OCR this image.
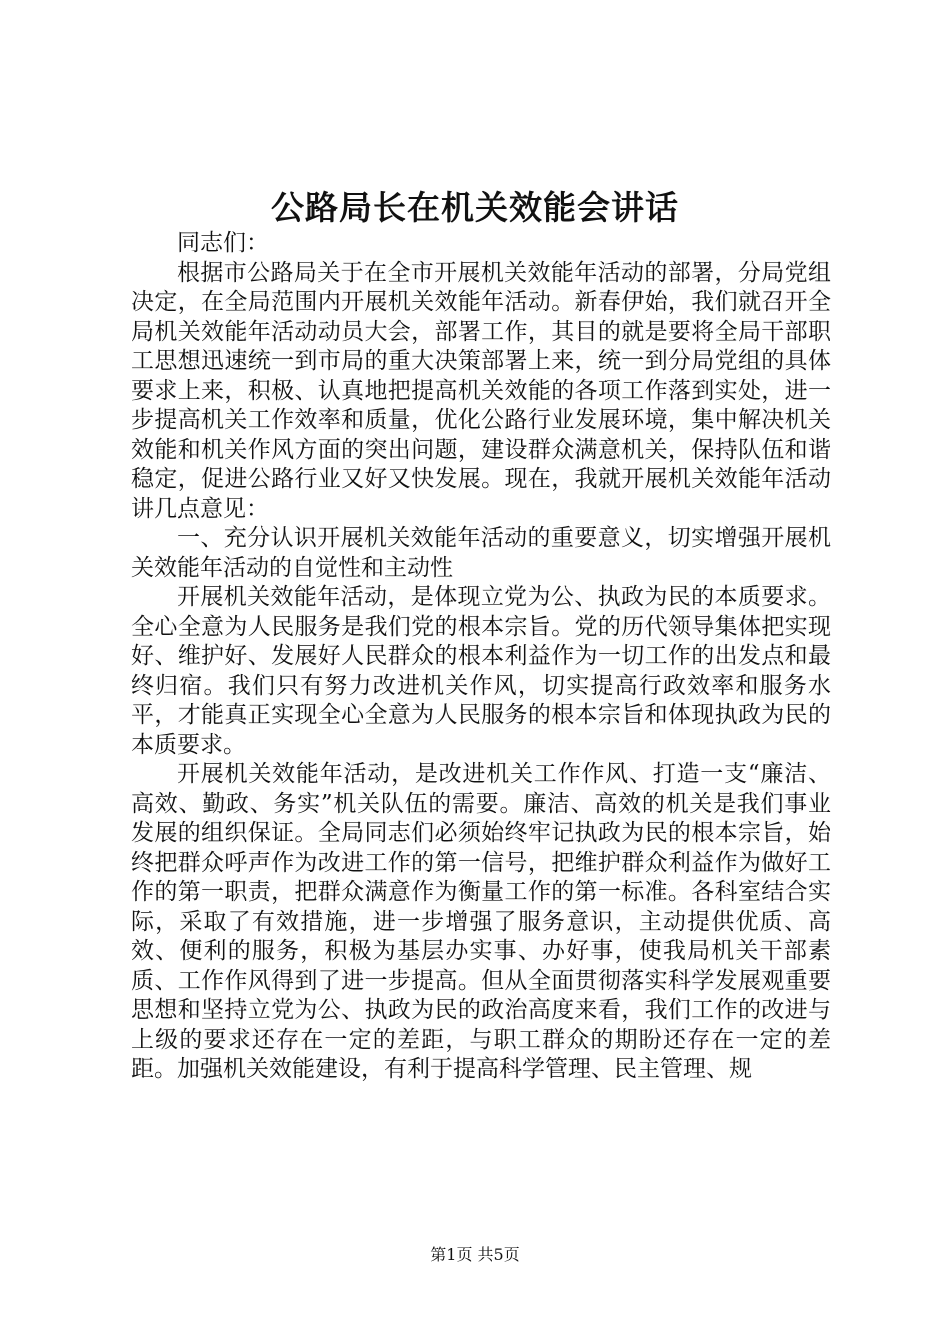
公路局长在机关效能会讲话

同志们：

根据市公路局关于在全市开展机关效能年活动的部署，分局党组决定，在全局范围内开展机关效能年活动。新春伊始，我们就召开全局机关效能年活动动员大会，部署工作，其目的就是要将全局干部职工思想迅速统一到市局的重大决策部署上来，统一到分局党组的具体要求上来，积极、认真地把提高机关效能的各项工作落到实处，进一步提高机关工作效率和质量，优化公路行业发展环境，集中解决机关效能和机关作风方面的突出问题，建设群众满意机关，保持队伍和谐稳定，促进公路行业又好又快发展。现在，我就开展机关效能年活动讲几点意见：

一、充分认识开展机关效能年活动的重要意义，切实增强开展机关效能年活动的自觉性和主动性

开展机关效能年活动，是体现立党为公、执政为民的本质要求。全心全意为人民服务是我们党的根本宗旨。党的历代领导集体把实现好、维护好、发展好人民群众的根本利益作为一切工作的出发点和最终归宿。我们只有努力改进机关作风，切实提高行政效率和服务水平，才能真正实现全心全意为人民服务的根本宗旨和体现执政为民的本质要求。

开展机关效能年活动，是改进机关工作作风、打造一支“廉洁、高效、勤政、务实”机关队伍的需要。廉洁、高效的机关是我们事业发展的组织保证。全局同志们必须始终牢记执政为民的根本宗旨，始终把群众呼声作为改进工作的第一信号，把维护群众利益作为做好工作的第一职责，把群众满意作为衡量工作的第一标准。各科室结合实际，采取了有效措施，进一步增强了服务意识，主动提供优质、高效、便利的服务，积极为基层办实事、办好事，使我局机关干部素质、工作作风得到了进一步提高。但从全面贯彻落实科学发展观重要思想和坚持立党为公、执政为民的政治高度来看，我们工作的改进与上级的要求还存在一定的差距，与职工群众的期盼还存在一定的差距。加强机关效能建设，有利于提高科学管理、民主管理、规

第1页 共5页
